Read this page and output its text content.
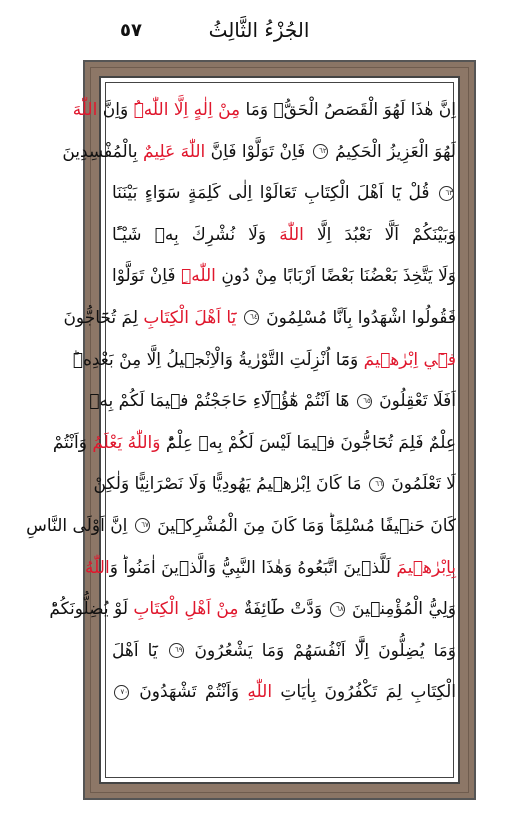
الجُزْءُ الثَّالِثُ
٥٧
اِنَّ هٰذَا لَهُوَ الْقَصَصُ الْحَقُّۚ وَمَا مِنْ اِلٰهٍ اِلَّا اللّٰهُۜ وَاِنَّ اللّٰهَ
لَهُوَ الْعَزِيزُ الْحَكِيمُ ٦٢ فَاِنْ تَوَلَّوْا فَاِنَّ اللّٰهَ عَلِيمٌ بِالْمُفْسِدِينَ
٦٣ قُلْ يَٓا اَهْلَ الْكِتَابِ تَعَالَوْا اِلٰى كَلِمَةٍ سَوَٓاءٍ بَيْنَنَا
وَبَيْنَكُمْ اَلَّا نَعْبُدَ اِلَّا اللّٰهَ وَلَا نُشْرِكَ بِه۪ شَيْـًٔا
وَلَا يَتَّخِذَ بَعْضُنَا بَعْضًا اَرْبَابًا مِنْ دُونِ اللّٰهِۜ فَاِنْ تَوَلَّوْا
فَقُولُوا اشْهَدُوا بِاَنَّا مُسْلِمُونَ ٦٤ يَٓا اَهْلَ الْكِتَابِ لِمَ تُحَٓاجُّونَ
ف۪ٓي اِبْرٰه۪يمَ وَمَٓا اُنْزِلَتِ التَّوْرٰيةُ وَالْاِنْج۪يلُ اِلَّا مِنْ بَعْدِه۪ؕ
اَفَلَا تَعْقِلُونَ ٦٥ هَٓا اَنْتُمْ هٰٓؤُ۬لَٓاءِ حَاجَجْتُمْ ف۪يمَا لَكُمْ بِه۪
عِلْمٌ فَلِمَ تُحَٓاجُّونَ ف۪يمَا لَيْسَ لَكُمْ بِه۪ عِلْمٌؕ وَاللّٰهُ يَعْلَمُ وَاَنْتُمْ
لَا تَعْلَمُونَ ٦٦ مَا كَانَ اِبْرٰه۪يمُ يَهُودِيًّا وَلَا نَصْرَانِيًّا وَلٰكِنْ
كَانَ حَن۪يفًا مُسْلِمًاؕ وَمَا كَانَ مِنَ الْمُشْرِك۪ينَ ٦٧ اِنَّ اَوْلَى النَّاسِ
بِاِبْرٰه۪يمَ لَلَّذ۪ينَ اتَّبَعُوهُ وَهٰذَا النَّبِيُّ وَالَّذ۪ينَ اٰمَنُواؕ وَاللّٰهُ
وَلِيُّ الْمُؤْمِن۪ينَ ٦٨ وَدَّتْ طَٓائِفَةٌ مِنْ اَهْلِ الْكِتَابِ لَوْ يُضِلُّونَكُمْؕ
وَمَا يُضِلُّونَ اِلَّٓا اَنْفُسَهُمْ وَمَا يَشْعُرُونَ ٦٩ يَٓا اَهْلَ
الْكِتَابِ لِمَ تَكْفُرُونَ بِاٰيَاتِ اللّٰهِ وَاَنْتُمْ تَشْهَدُونَ ٧٠
